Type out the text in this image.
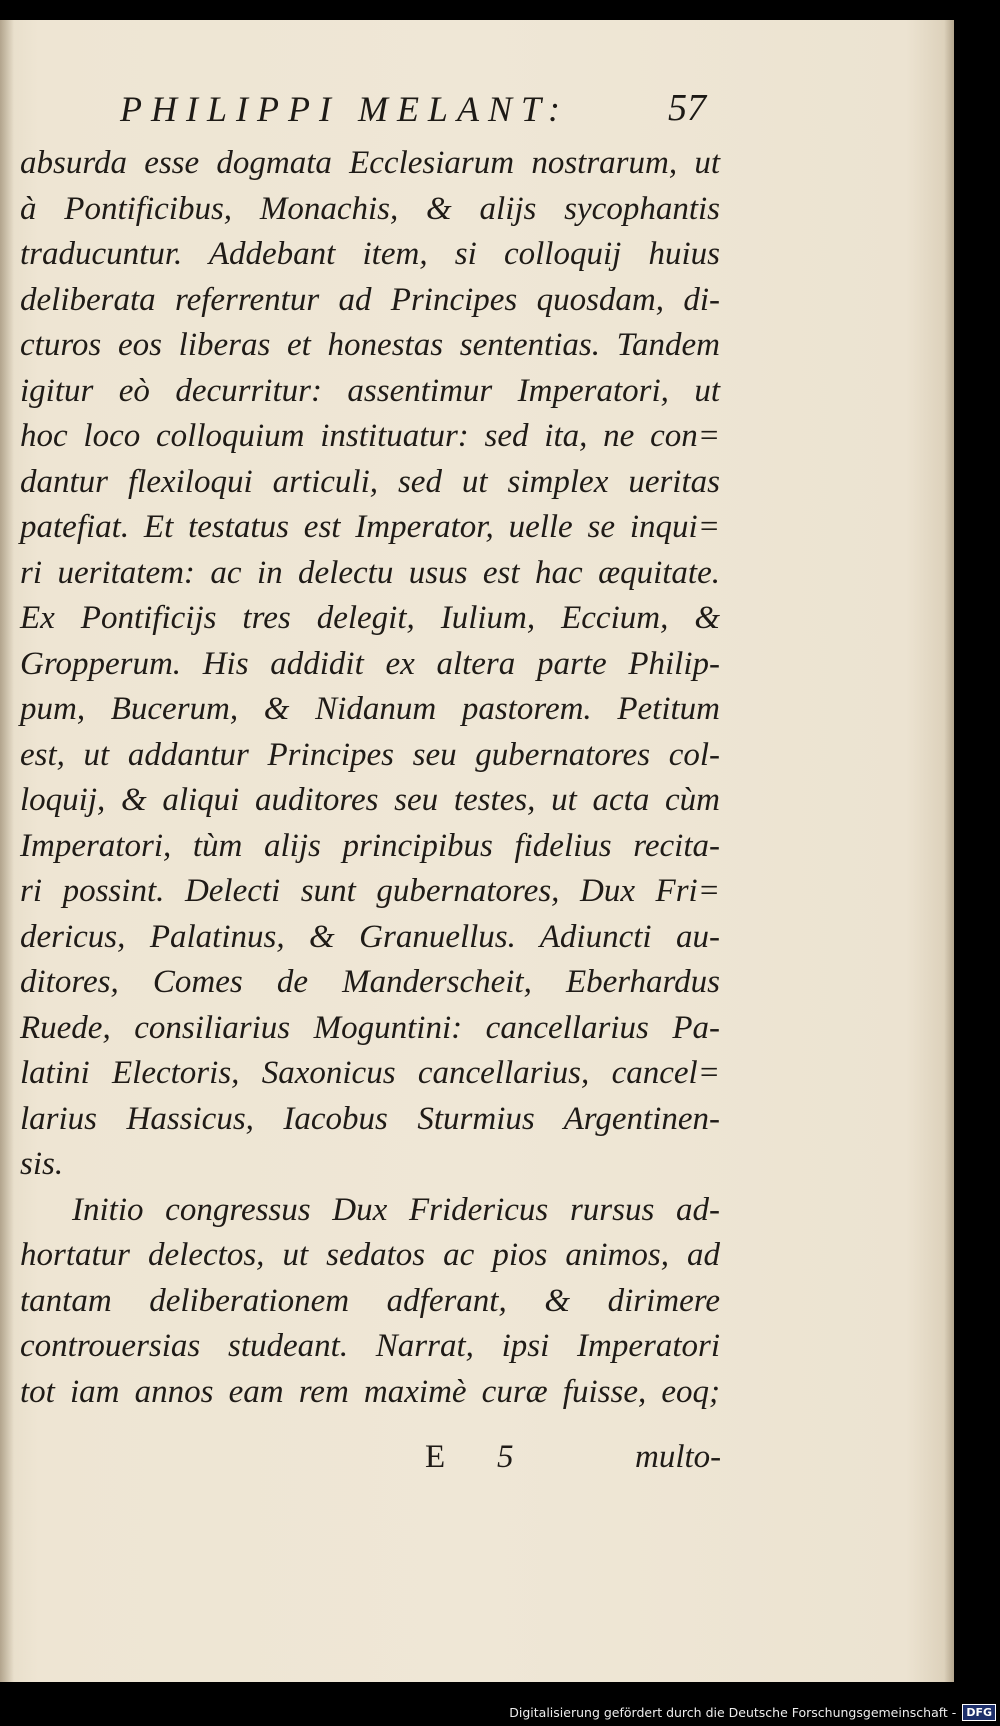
PHILIPPI MELANT:	57
absurda esse dogmata Ecclesiarum nostrarum, ut
à Pontificibus, Monachis, & alijs sycophantis
traducuntur. Addebant item, si colloquij huius
deliberata referrentur ad Principes quosdam, di-
cturos eos liberas et honestas sententias. Tandem
igitur eò decurritur: assentimur Imperatori, ut
hoc loco colloquium instituatur: sed ita, ne con=
dantur flexiloqui articuli, sed ut simplex ueritas
patefiat. Et testatus est Imperator, uelle se inqui=
ri ueritatem: ac in delectu usus est hac æquitate.
Ex Pontificijs tres delegit, Iulium, Eccium, &
Gropperum. His addidit ex altera parte Philip-
pum, Bucerum, & Nidanum pastorem. Petitum
est, ut addantur Principes seu gubernatores col-
loquij, & aliqui auditores seu testes, ut acta cùm
Imperatori, tùm alijs principibus fidelius recita-
ri possint. Delecti sunt gubernatores, Dux Fri=
dericus, Palatinus, & Granuellus. Adiuncti au-
ditores, Comes de Manderscheit, Eberhardus
Ruede, consiliarius Moguntini: cancellarius Pa-
latini Electoris, Saxonicus cancellarius, cancel=
larius Hassicus, Iacobus Sturmius Argentinen-
sis.
Initio congressus Dux Fridericus rursus ad-
hortatur delectos, ut sedatos ac pios animos, ad
tantam deliberationem adferant, & dirimere
controuersias studeant. Narrat, ipsi Imperatori
tot iam annos eam rem maximè curæ fuisse, eoq;
E 5	multo-
Digitalisierung gefördert durch die Deutsche Forschungsgemeinschaft - DFG
